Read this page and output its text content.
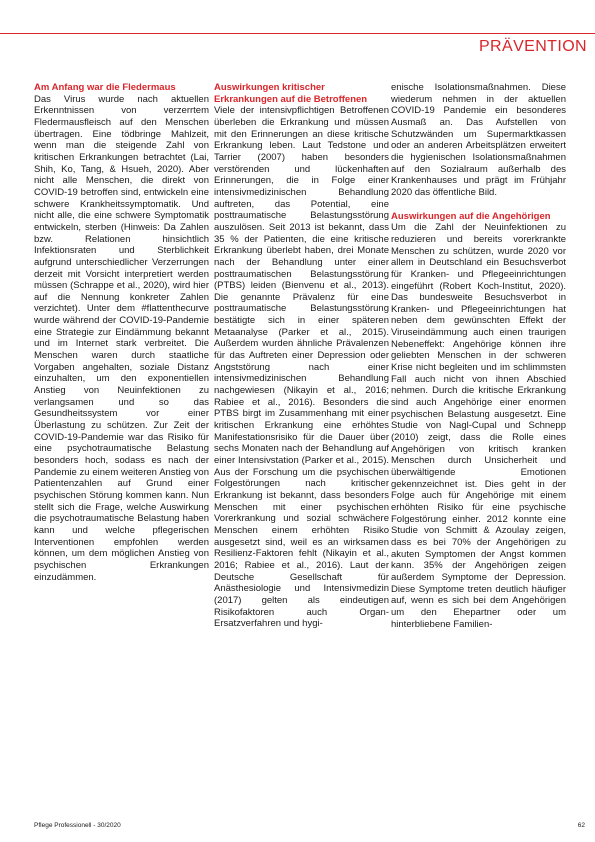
PRÄVENTION
Am Anfang war die Fledermaus

Das Virus wurde nach aktuellen Erkenntnissen von verzerrtem Fledermausfleisch auf den Menschen übertragen. Eine tödbringe Mahlzeit, wenn man die steigende Zahl von kritischen Erkrankungen betrachtet (Lai, Shih, Ko, Tang, & Hsueh, 2020). Aber nicht alle Menschen, die direkt von COVID-19 betroffen sind, entwickeln eine schwere Krankheitssymptomatik. Und nicht alle, die eine schwere Symptomatik entwickeln, sterben (Hinweis: Da Zahlen bzw. Relationen hinsichtlich Infektionsraten und Sterblichkeit aufgrund unterschiedlicher Verzerrungen derzeit mit Vorsicht interpretiert werden müssen (Schrappe et al., 2020), wird hier auf die Nennung konkreter Zahlen verzichtet). Unter dem #flattenthecurve wurde während der COVID-19-Pandemie eine Strategie zur Eindämmung bekannt und im Internet stark verbreitet. Die Menschen waren durch staatliche Vorgaben angehalten, soziale Distanz einzuhalten, um den exponentiellen Anstieg von Neuinfektionen zu verlangsamen und so das Gesundheitssystem vor einer Überlastung zu schützen. Zur Zeit der COVID-19-Pandemie war das Risiko für eine psychotraumatische Belastung besonders hoch, sodass es nach der Pandemie zu einem weiteren Anstieg von Patientenzahlen auf Grund einer psychischen Störung kommen kann. Nun stellt sich die Frage, welche Auswirkung die psychotraumatische Belastung haben kann und welche pflegerischen Interventionen empfohlen werden können, um dem möglichen Anstieg von psychischen Erkrankungen einzudämmen.

Auswirkungen kritischer Erkrankungen auf die Betroffenen

Viele der intensivpflichtigen Betroffenen überleben die Erkrankung und müssen mit den Erinnerungen an diese kritische Erkrankung leben. Laut Tedstone und Tarrier (2007) haben besonders verstörenden und lückenhaften Erinnerungen, die in Folge einer intensivmedizinischen Behandlung auftreten, das Potential, eine posttraumatische Belastungsstörung auszulösen. Seit 2013 ist bekannt, dass 35 % der Patienten, die eine kritische Erkrankung überlebt haben, drei Monate nach der Behandlung unter einer posttraumatischen Belastungsstörung (PTBS) leiden (Bienvenu et al., 2013). Die genannte Prävalenz für eine posttraumatische Belastungsstörung bestätigte sich in einer späteren Metaanalyse (Parker et al., 2015). Außerdem wurden ähnliche Prävalenzen für das Auftreten einer Depression oder Angststörung nach einer intensivmedizinischen Behandlung nachgewiesen (Nikayin et al., 2016; Rabiee et al., 2016). Besonders die PTBS birgt im Zusammenhang mit einer kritischen Erkrankung eine erhöhtes Manifestationsrisiko für die Dauer über sechs Monaten nach der Behandlung auf einer Intensivstation (Parker et al., 2015). Aus der Forschung um die psychischen Folgestörungen nach kritischer Erkrankung ist bekannt, dass besonders Menschen mit einer psychischen Vorerkrankung und sozial schwächere Menschen einem erhöhten Risiko ausgesetzt sind, weil es an wirksamen Resilienz-Faktoren fehlt (Nikayin et al., 2016; Rabiee et al., 2016). Laut der Deutsche Gesellschaft für Anästhesiologie und Intensivmedizin (2017) gelten als eindeutigen Risikofaktoren auch Organ-Ersatzverfahren und hygi-

enische Isolationsmaßnahmen. Diese wiederum nehmen in der aktuellen COVID-19 Pandemie ein besonderes Ausmaß an. Das Aufstellen von Schutzwänden um Supermarktkassen oder an anderen Arbeitsplätzen erweitert die hygienischen Isolationsmaßnahmen auf den Sozialraum außerhalb des Krankenhauses und prägt im Frühjahr 2020 das öffentliche Bild.

Auswirkungen auf die Angehörigen

Um die Zahl der Neuinfektionen zu reduzieren und bereits vorerkrankte Menschen zu schützen, wurde 2020 vor allem in Deutschland ein Besuchsverbot für Kranken- und Pflegeeinrichtungen eingeführt (Robert Koch-Institut, 2020). Das bundesweite Besuchsverbot in Kranken- und Pflegeeinrichtungen hat neben dem gewünschten Effekt der Viruseindämmung auch einen traurigen Nebeneffekt: Angehörige können ihre geliebten Menschen in der schweren Krise nicht begleiten und im schlimmsten Fall auch nicht von ihnen Abschied nehmen. Durch die kritische Erkrankung sind auch Angehörige einer enormen psychischen Belastung ausgesetzt. Eine Studie von Nagl-Cupal und Schnepp (2010) zeigt, dass die Rolle eines Angehörigen von kritisch kranken Menschen durch Unsicherheit und überwältigende Emotionen gekennzeichnet ist. Dies geht in der Folge auch für Angehörige mit einem erhöhten Risiko für eine psychische Folgestörung einher. 2012 konnte eine Studie von Schmitt & Azoulay zeigen, dass es bei 70% der Angehörigen zu akuten Symptomen der Angst kommen kann. 35% der Angehörigen zeigen außerdem Symptome der Depression. Diese Symptome treten deutlich häufiger auf, wenn es sich bei dem Angehörigen um den Ehepartner oder um hinterbliebene Familien-

Pflege Professionell - 30/2020	62
